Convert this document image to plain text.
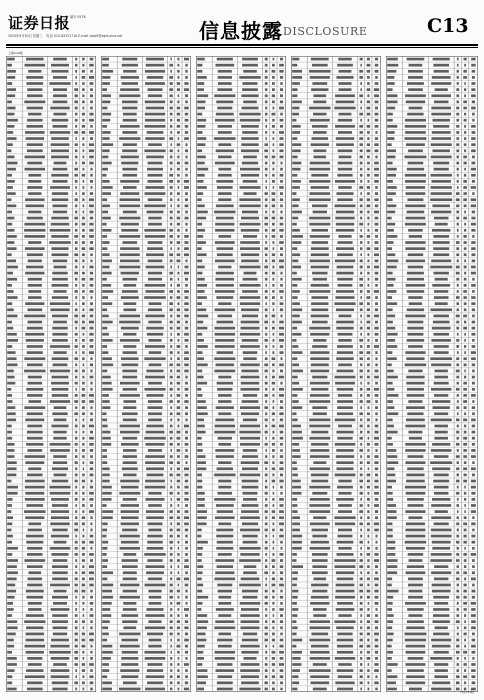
证券日报 编号 0576
2020年9月30日 星期三 电话 010-83251716 E-mail zqrb9@zqrb.sina.net	信息披露 DISCLOSURE	C13
上接C12版
下转C14版
